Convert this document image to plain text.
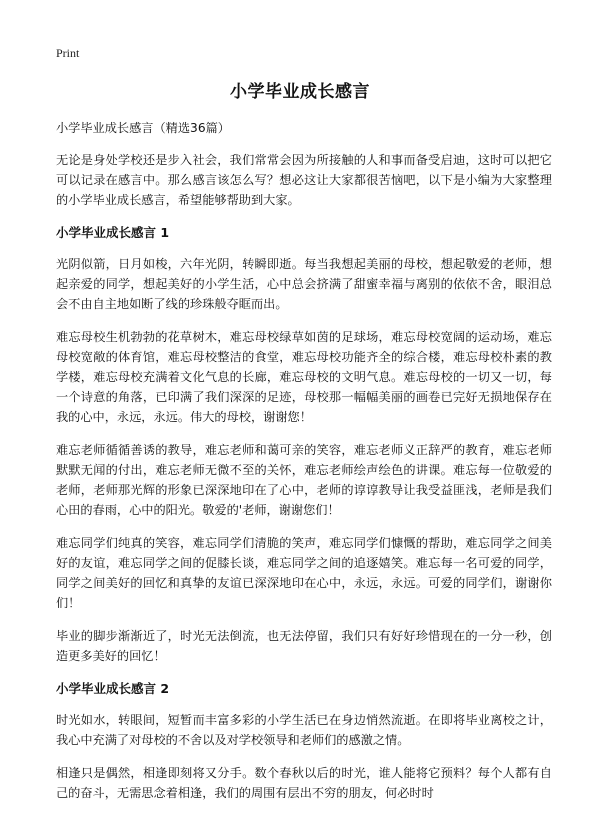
Print
小学毕业成长感言

小学毕业成长感言（精选36篇）

无论是身处学校还是步入社会，我们常常会因为所接触的人和事而备受启迪，这时可以把它可以记录在感言中。那么感言该怎么写？想必这让大家都很苦恼吧，以下是小编为大家整理的小学毕业成长感言，希望能够帮助到大家。

小学毕业成长感言 1

光阴似箭，日月如梭，六年光阴，转瞬即逝。每当我想起美丽的母校，想起敬爱的老师，想起亲爱的同学，想起美好的小学生活，心中总会挤满了甜蜜幸福与离别的依依不舍，眼泪总会不由自主地如断了线的珍珠般夺眶而出。

难忘母校生机勃勃的花草树木，难忘母校绿草如茵的足球场，难忘母校宽阔的运动场，难忘母校宽敞的体育馆，难忘母校整洁的食堂，难忘母校功能齐全的综合楼，难忘母校朴素的教学楼，难忘母校充满着文化气息的长廊，难忘母校的文明气息。难忘母校的一切又一切，每一个诗意的角落，已印满了我们深深的足迹，母校那一幅幅美丽的画卷已完好无损地保存在我的心中，永远，永远。伟大的母校，谢谢您！

难忘老师循循善诱的教导，难忘老师和蔼可亲的笑容，难忘老师义正辞严的教育，难忘老师默默无闻的付出，难忘老师无微不至的关怀，难忘老师绘声绘色的讲课。难忘每一位敬爱的老师，老师那光辉的形象已深深地印在了心中，老师的谆谆教导让我受益匪浅，老师是我们心田的春雨，心中的阳光。敬爱的'老师，谢谢您们！

难忘同学们纯真的笑容，难忘同学们清脆的笑声，难忘同学们慷慨的帮助，难忘同学之间美好的友谊，难忘同学之间的促膝长谈，难忘同学之间的追逐嬉笑。难忘每一名可爱的同学，同学之间美好的回忆和真挚的友谊已深深地印在心中，永远，永远。可爱的同学们，谢谢你们！

毕业的脚步渐渐近了，时光无法倒流，也无法停留，我们只有好好珍惜现在的一分一秒，创造更多美好的回忆！

小学毕业成长感言 2

时光如水，转眼间，短暂而丰富多彩的小学生活已在身边悄然流逝。在即将毕业离校之计，我心中充满了对母校的不舍以及对学校领导和老师们的感激之情。

相逢只是偶然，相逢即刻将又分手。数个春秋以后的时光，谁人能将它预料？每个人都有自己的奋斗，无需思念着相逢，我们的周围有层出不穷的朋友，何必时时
